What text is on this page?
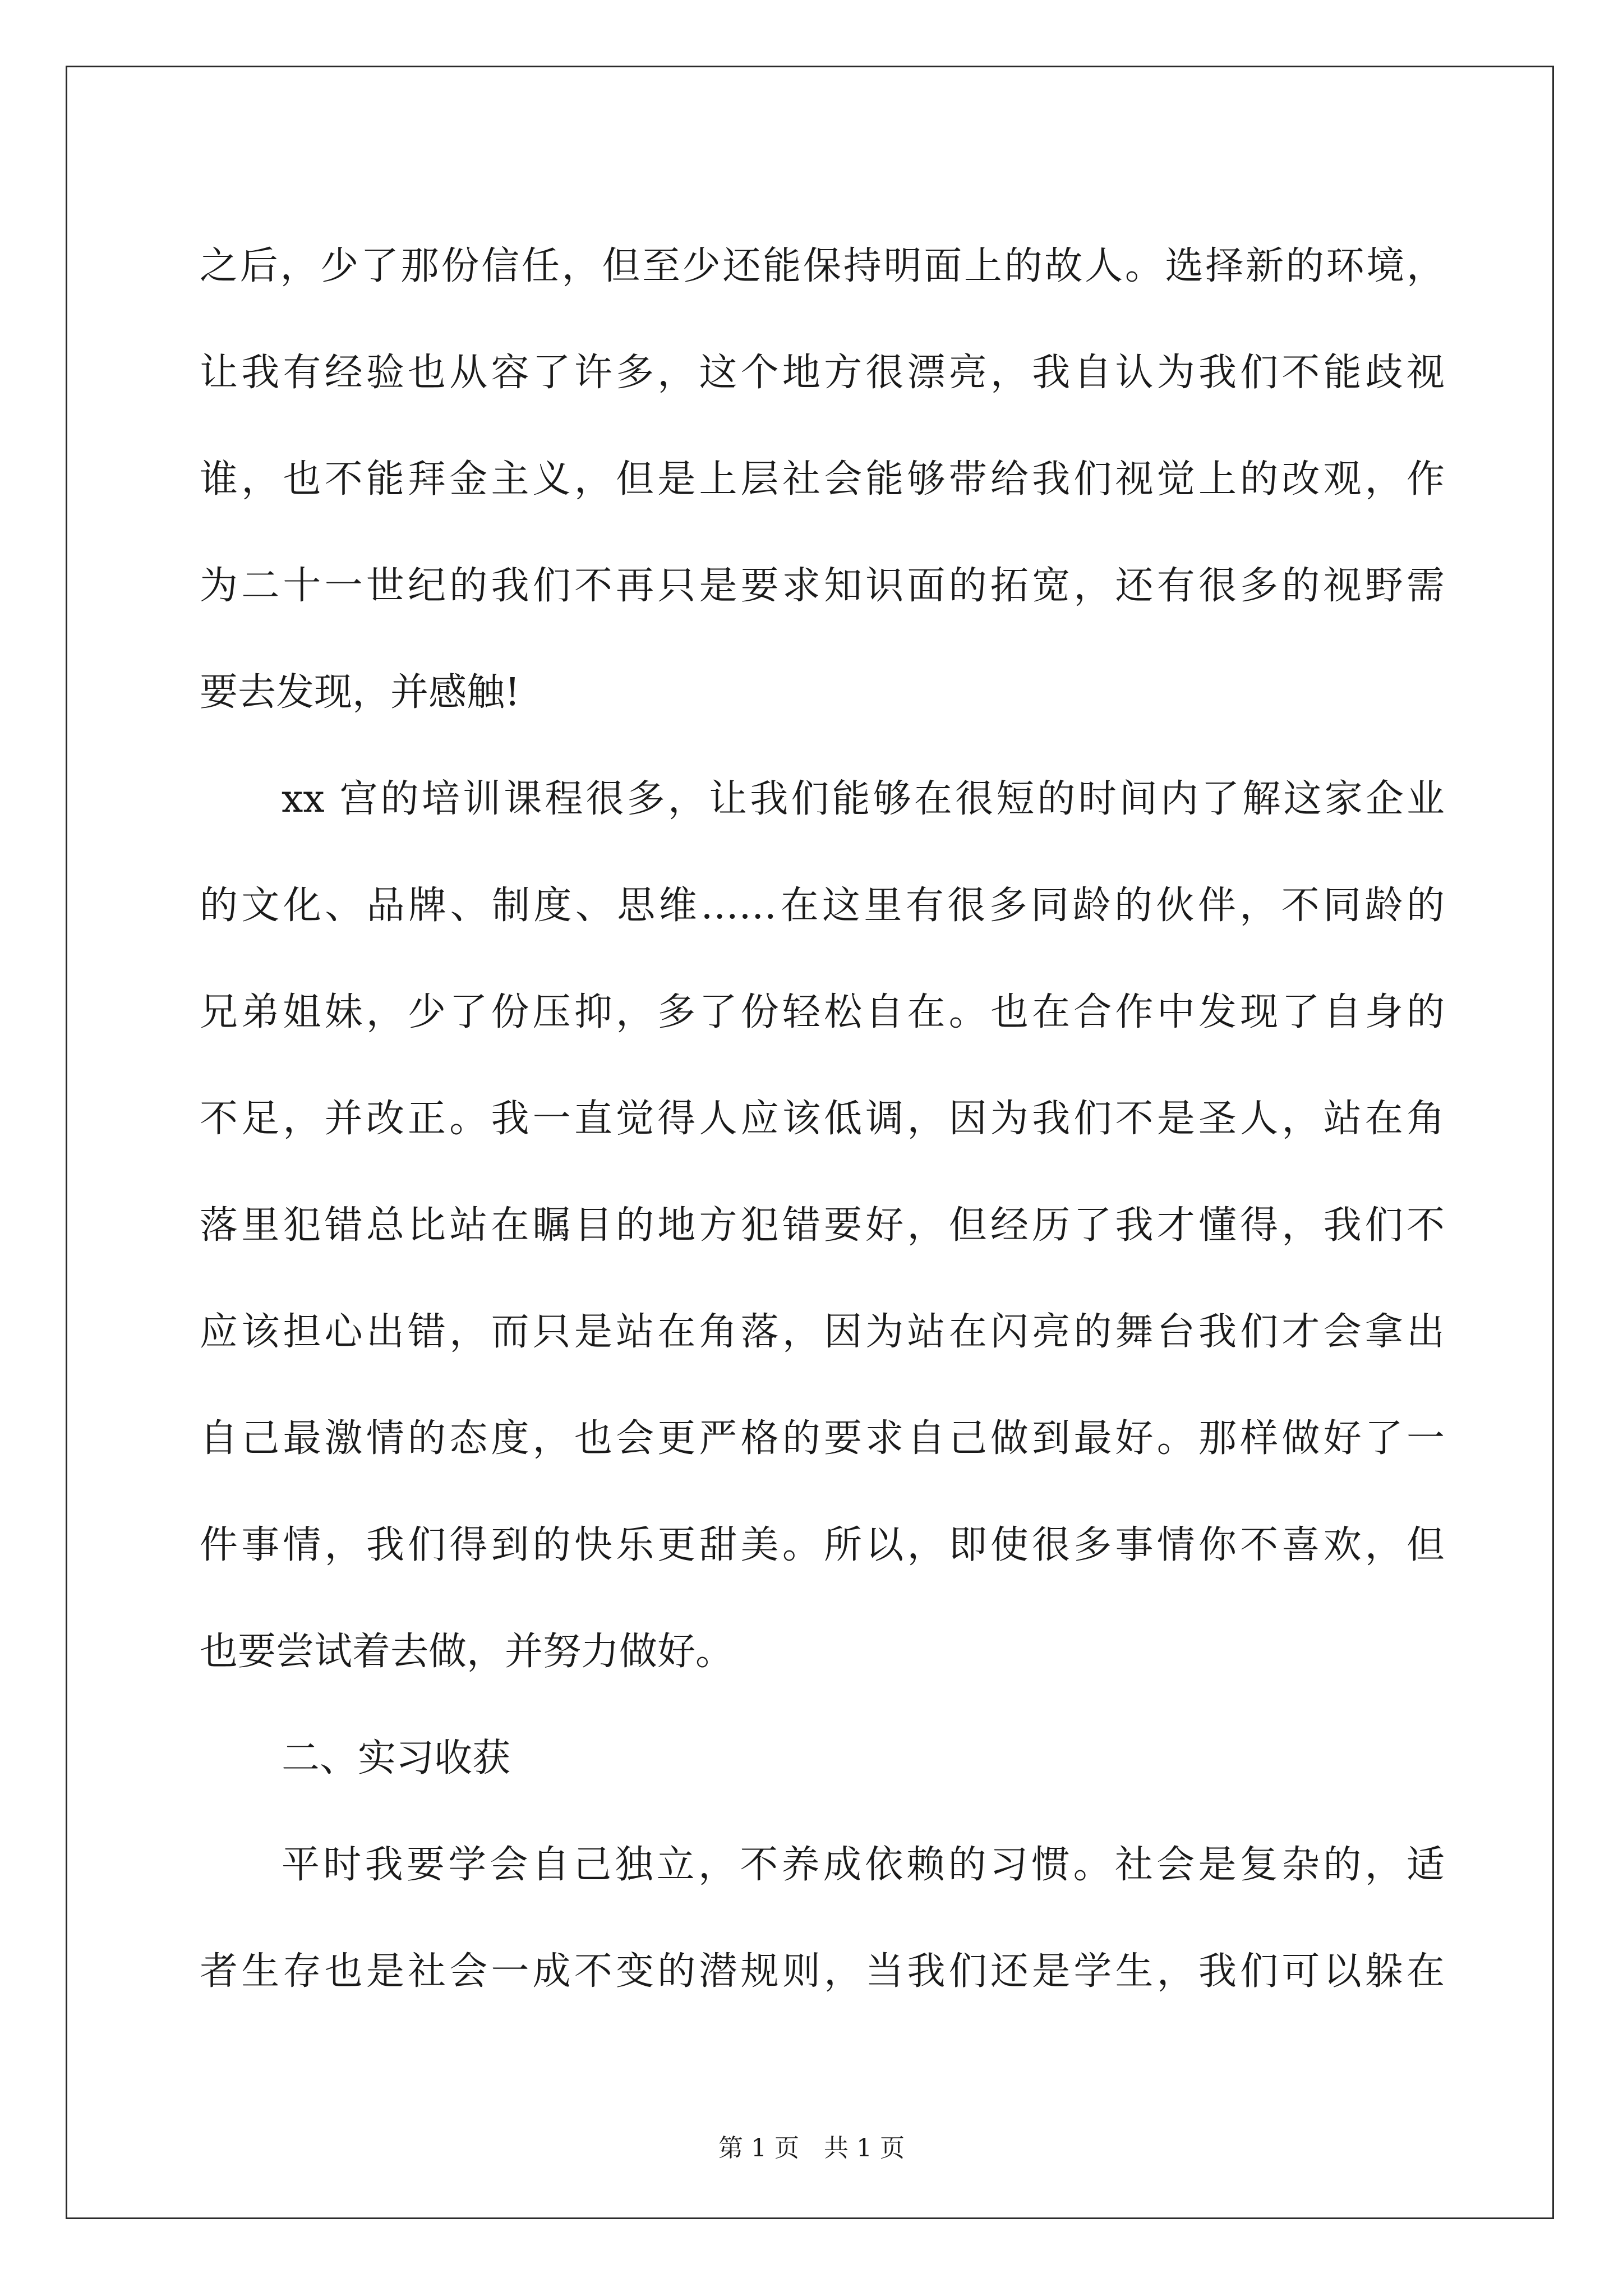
之后，少了那份信任，但至少还能保持明面上的故人。选择新的环境，
让我有经验也从容了许多，这个地方很漂亮，我自认为我们不能歧视
谁，也不能拜金主义，但是上层社会能够带给我们视觉上的改观，作
为二十一世纪的我们不再只是要求知识面的拓宽，还有很多的视野需
要去发现，并感触!
xx 宫的培训课程很多，让我们能够在很短的时间内了解这家企业
的文化、品牌、制度、思维……在这里有很多同龄的伙伴，不同龄的
兄弟姐妹，少了份压抑，多了份轻松自在。也在合作中发现了自身的
不足，并改正。我一直觉得人应该低调，因为我们不是圣人，站在角
落里犯错总比站在瞩目的地方犯错要好，但经历了我才懂得，我们不
应该担心出错，而只是站在角落，因为站在闪亮的舞台我们才会拿出
自己最激情的态度，也会更严格的要求自己做到最好。那样做好了一
件事情，我们得到的快乐更甜美。所以，即使很多事情你不喜欢，但
也要尝试着去做，并努力做好。
二、实习收获
平时我要学会自己独立，不养成依赖的习惯。社会是复杂的，适
者生存也是社会一成不变的潜规则，当我们还是学生，我们可以躲在
第 1 页　共 1 页
